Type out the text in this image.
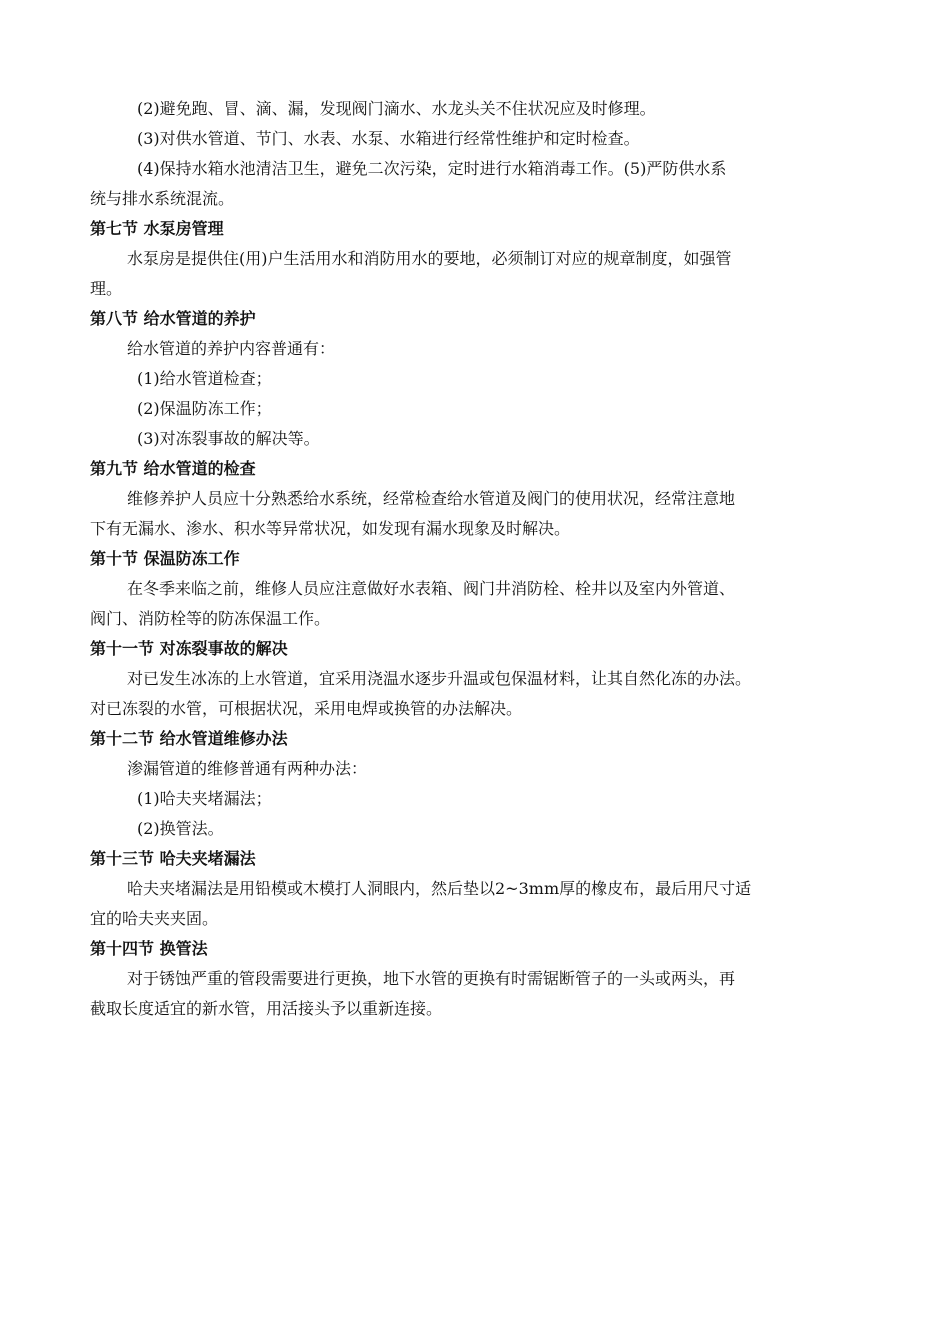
(2)避免跑、冒、滴、漏，发现阀门滴水、水龙头关不住状况应及时修理。
(3)对供水管道、节门、水表、水泵、水箱进行经常性维护和定时检查。
(4)保持水箱水池清洁卫生，避免二次污染，定时进行水箱消毒工作。(5)严防供水系
统与排水系统混流。
第七节 水泵房管理
水泵房是提供住(用)户生活用水和消防用水的要地，必须制订对应的规章制度，如强管
理。
第八节 给水管道的养护
给水管道的养护内容普通有：
(1)给水管道检查；
(2)保温防冻工作；
(3)对冻裂事故的解决等。
第九节 给水管道的检查
维修养护人员应十分熟悉给水系统，经常检查给水管道及阀门的使用状况，经常注意地
下有无漏水、渗水、积水等异常状况，如发现有漏水现象及时解决。
第十节 保温防冻工作
在冬季来临之前，维修人员应注意做好水表箱、阀门井消防栓、栓井以及室内外管道、
阀门、消防栓等的防冻保温工作。
第十一节 对冻裂事故的解决
对已发生冰冻的上水管道，宜采用浇温水逐步升温或包保温材料，让其自然化冻的办法。
对已冻裂的水管，可根据状况，采用电焊或换管的办法解决。
第十二节 给水管道维修办法
渗漏管道的维修普通有两种办法：
(1)哈夫夹堵漏法；
(2)换管法。
第十三节 哈夫夹堵漏法
哈夫夹堵漏法是用铅模或木模打人洞眼内，然后垫以2~3mm厚的橡皮布，最后用尺寸适
宜的哈夫夹夹固。
第十四节 换管法
对于锈蚀严重的管段需要进行更换，地下水管的更换有时需锯断管子的一头或两头，再
截取长度适宜的新水管，用活接头予以重新连接。
